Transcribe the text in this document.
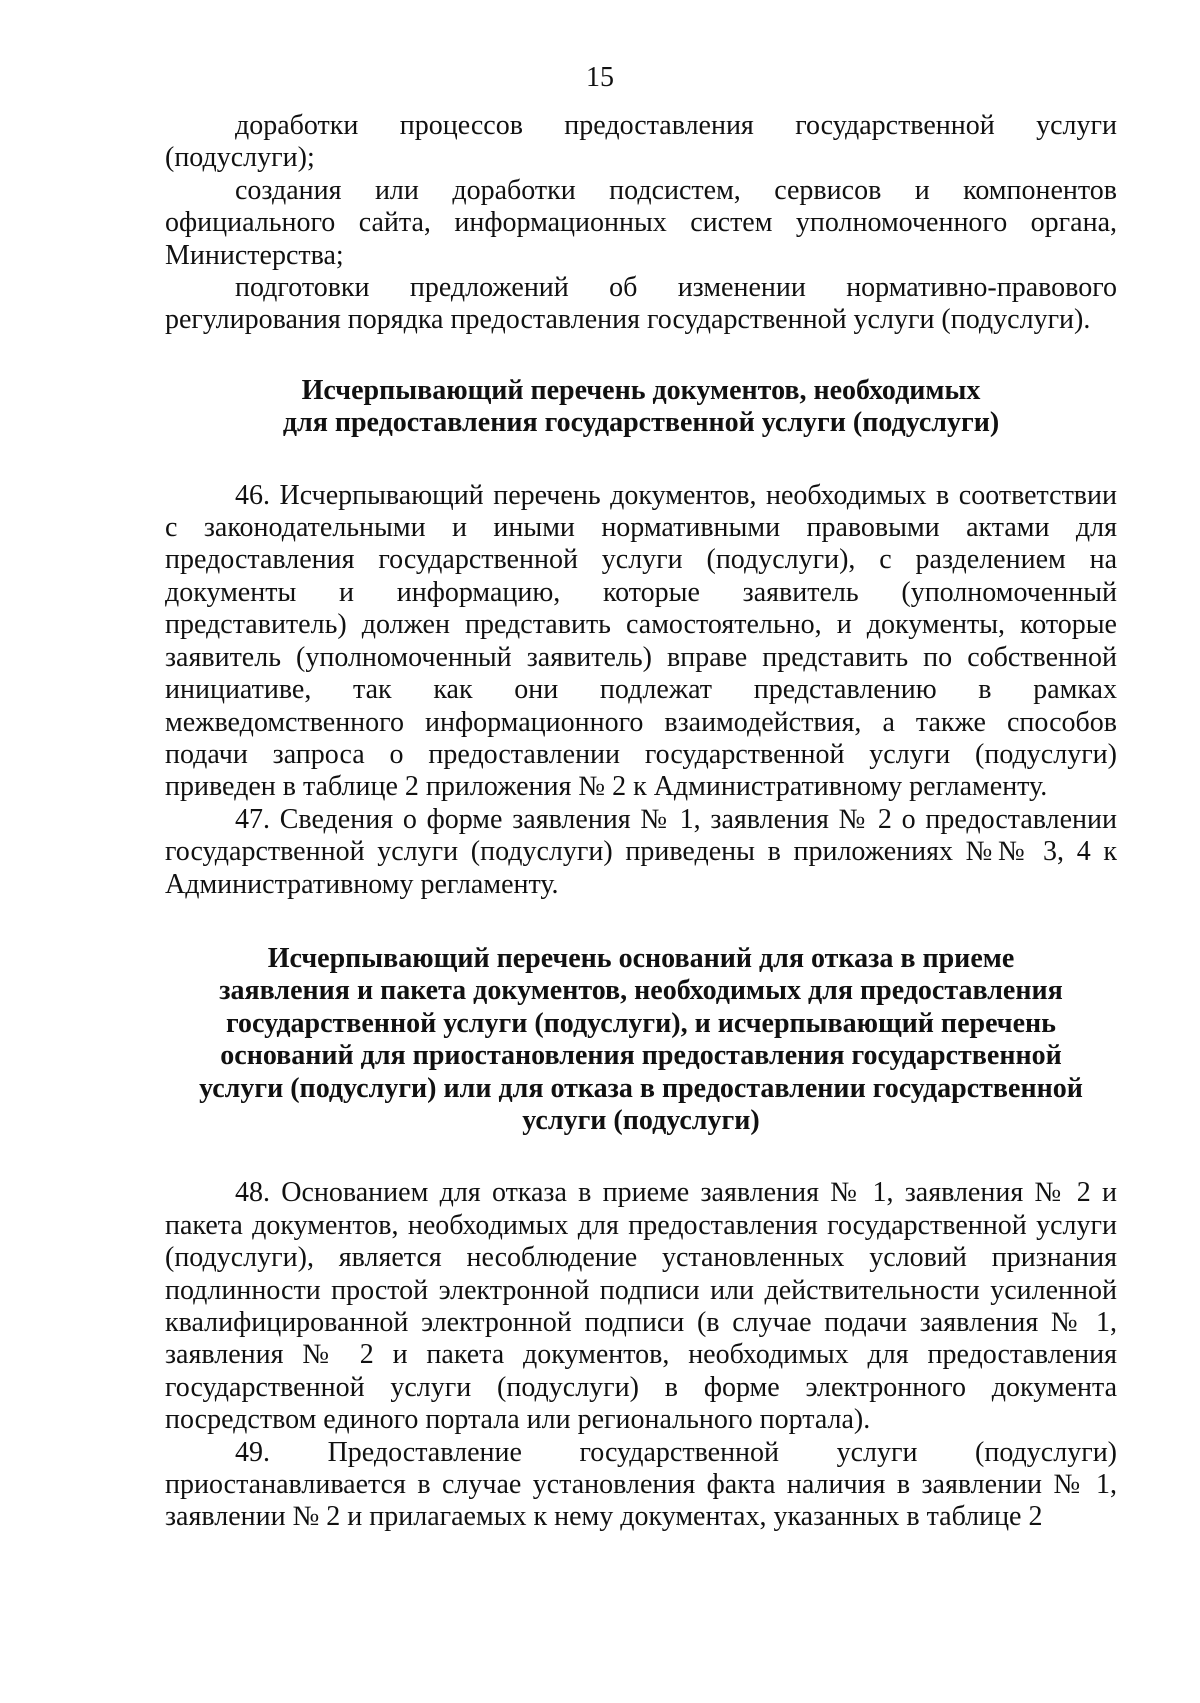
15

доработки процессов предоставления государственной услуги (подуслуги);

создания или доработки подсистем, сервисов и компонентов официального сайта, информационных систем уполномоченного органа, Министерства;

подготовки предложений об изменении нормативно-правового регулирования порядка предоставления государственной услуги (подуслуги).

Исчерпывающий перечень документов, необходимых
для предоставления государственной услуги (подуслуги)

46. Исчерпывающий перечень документов, необходимых в соответствии с законодательными и иными нормативными правовыми актами для предоставления государственной услуги (подуслуги), с разделением на документы и информацию, которые заявитель (уполномоченный представитель) должен представить самостоятельно, и документы, которые заявитель (уполномоченный заявитель) вправе представить по собственной инициативе, так как они подлежат представлению в рамках межведомственного информационного взаимодействия, а также способов подачи запроса о предоставлении государственной услуги (подуслуги) приведен в таблице 2 приложения № 2 к Административному регламенту.

47. Сведения о форме заявления № 1, заявления № 2 о предоставлении государственной услуги (подуслуги) приведены в приложениях №№ 3, 4 к Административному регламенту.

Исчерпывающий перечень оснований для отказа в приеме
заявления и пакета документов, необходимых для предоставления
государственной услуги (подуслуги), и исчерпывающий перечень
оснований для приостановления предоставления государственной
услуги (подуслуги) или для отказа в предоставлении государственной
услуги (подуслуги)

48. Основанием для отказа в приеме заявления № 1, заявления № 2 и пакета документов, необходимых для предоставления государственной услуги (подуслуги), является несоблюдение установленных условий признания подлинности простой электронной подписи или действительности усиленной квалифицированной электронной подписи (в случае подачи заявления № 1, заявления № 2 и пакета документов, необходимых для предоставления государственной услуги (подуслуги) в форме электронного документа посредством единого портала или регионального портала).

49. Предоставление государственной услуги (подуслуги) приостанавливается в случае установления факта наличия в заявлении № 1, заявлении № 2 и прилагаемых к нему документах, указанных в таблице 2
